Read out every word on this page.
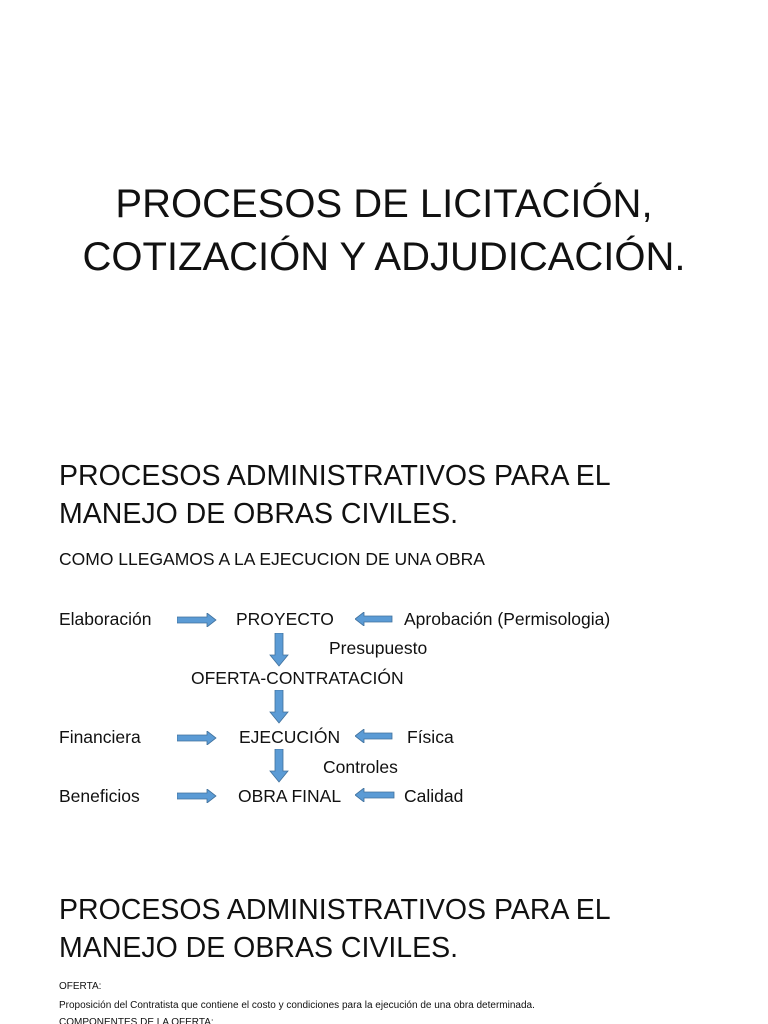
PROCESOS DE LICITACIÓN,
COTIZACIÓN Y ADJUDICACIÓN.
PROCESOS ADMINISTRATIVOS PARA EL
MANEJO DE OBRAS CIVILES.

COMO LLEGAMOS A LA EJECUCION DE UNA OBRA

Elaboración	PROYECTO	Aprobación (Permisologia)
Presupuesto
OFERTA-CONTRATACIÓN
Financiera	EJECUCIÓN	Física
Controles
Beneficios	OBRA FINAL	Calidad
PROCESOS ADMINISTRATIVOS PARA EL
MANEJO DE OBRAS CIVILES.
OFERTA:
Proposición del Contratista que contiene el costo y condiciones para la ejecución de una obra determinada.
COMPONENTES DE LA OFERTA:
